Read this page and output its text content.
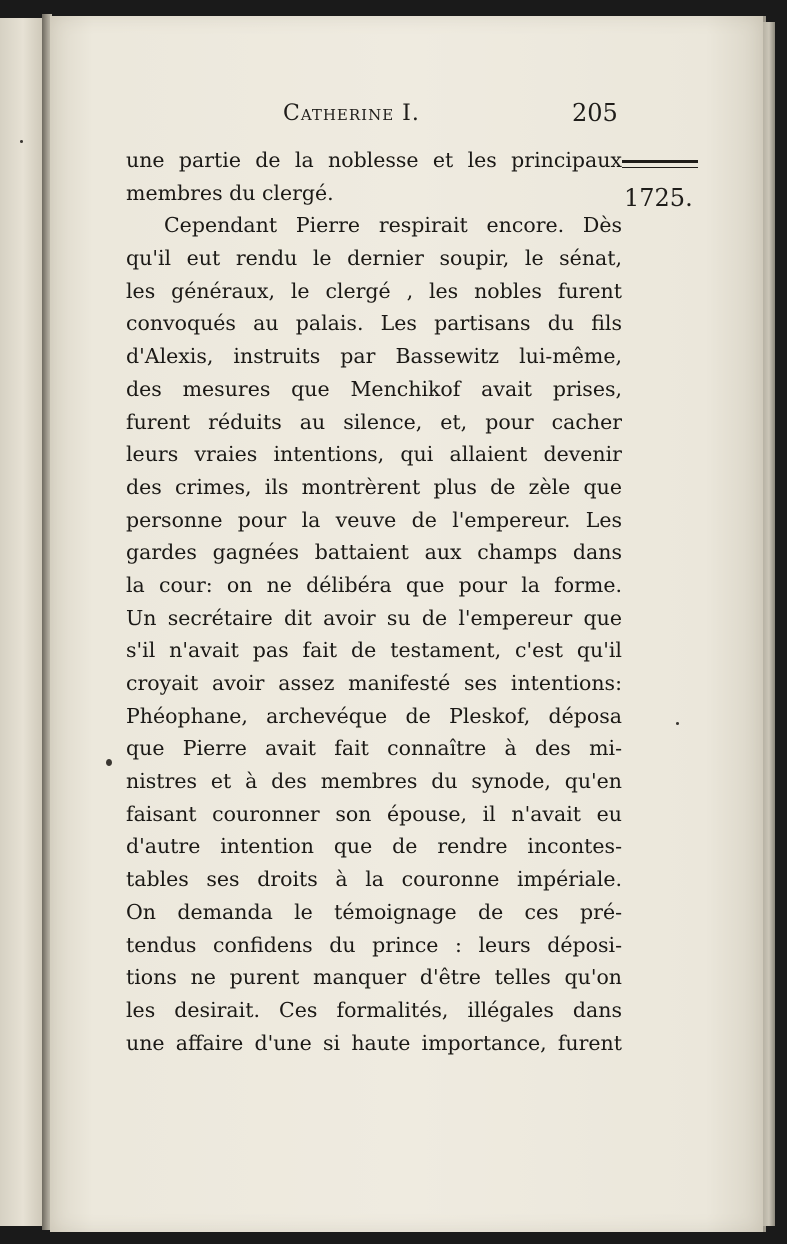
Catherine I.	205
1725.
une partie de la noblesse et les principaux
membres du clergé.
Cependant Pierre respirait encore. Dès
qu'il eut rendu le dernier soupir, le sénat,
les généraux, le clergé , les nobles furent
convoqués au palais. Les partisans du fils
d'Alexis, instruits par Bassewitz lui-même,
des mesures que Menchikof avait prises,
furent réduits au silence, et, pour cacher
leurs vraies intentions, qui allaient devenir
des crimes, ils montrèrent plus de zèle que
personne pour la veuve de l'empereur. Les
gardes gagnées battaient aux champs dans
la cour: on ne délibéra que pour la forme.
Un secrétaire dit avoir su de l'empereur que
s'il n'avait pas fait de testament, c'est qu'il
croyait avoir assez manifesté ses intentions:
Phéophane, archevéque de Pleskof, déposa
que Pierre avait fait connaître à des mi-
nistres et à des membres du synode, qu'en
faisant couronner son épouse, il n'avait eu
d'autre intention que de rendre incontes-
tables ses droits à la couronne impériale.
On demanda le témoignage de ces pré-
tendus confidens du prince : leurs déposi-
tions ne purent manquer d'être telles qu'on
les desirait. Ces formalités, illégales dans
une affaire d'une si haute importance, furent
